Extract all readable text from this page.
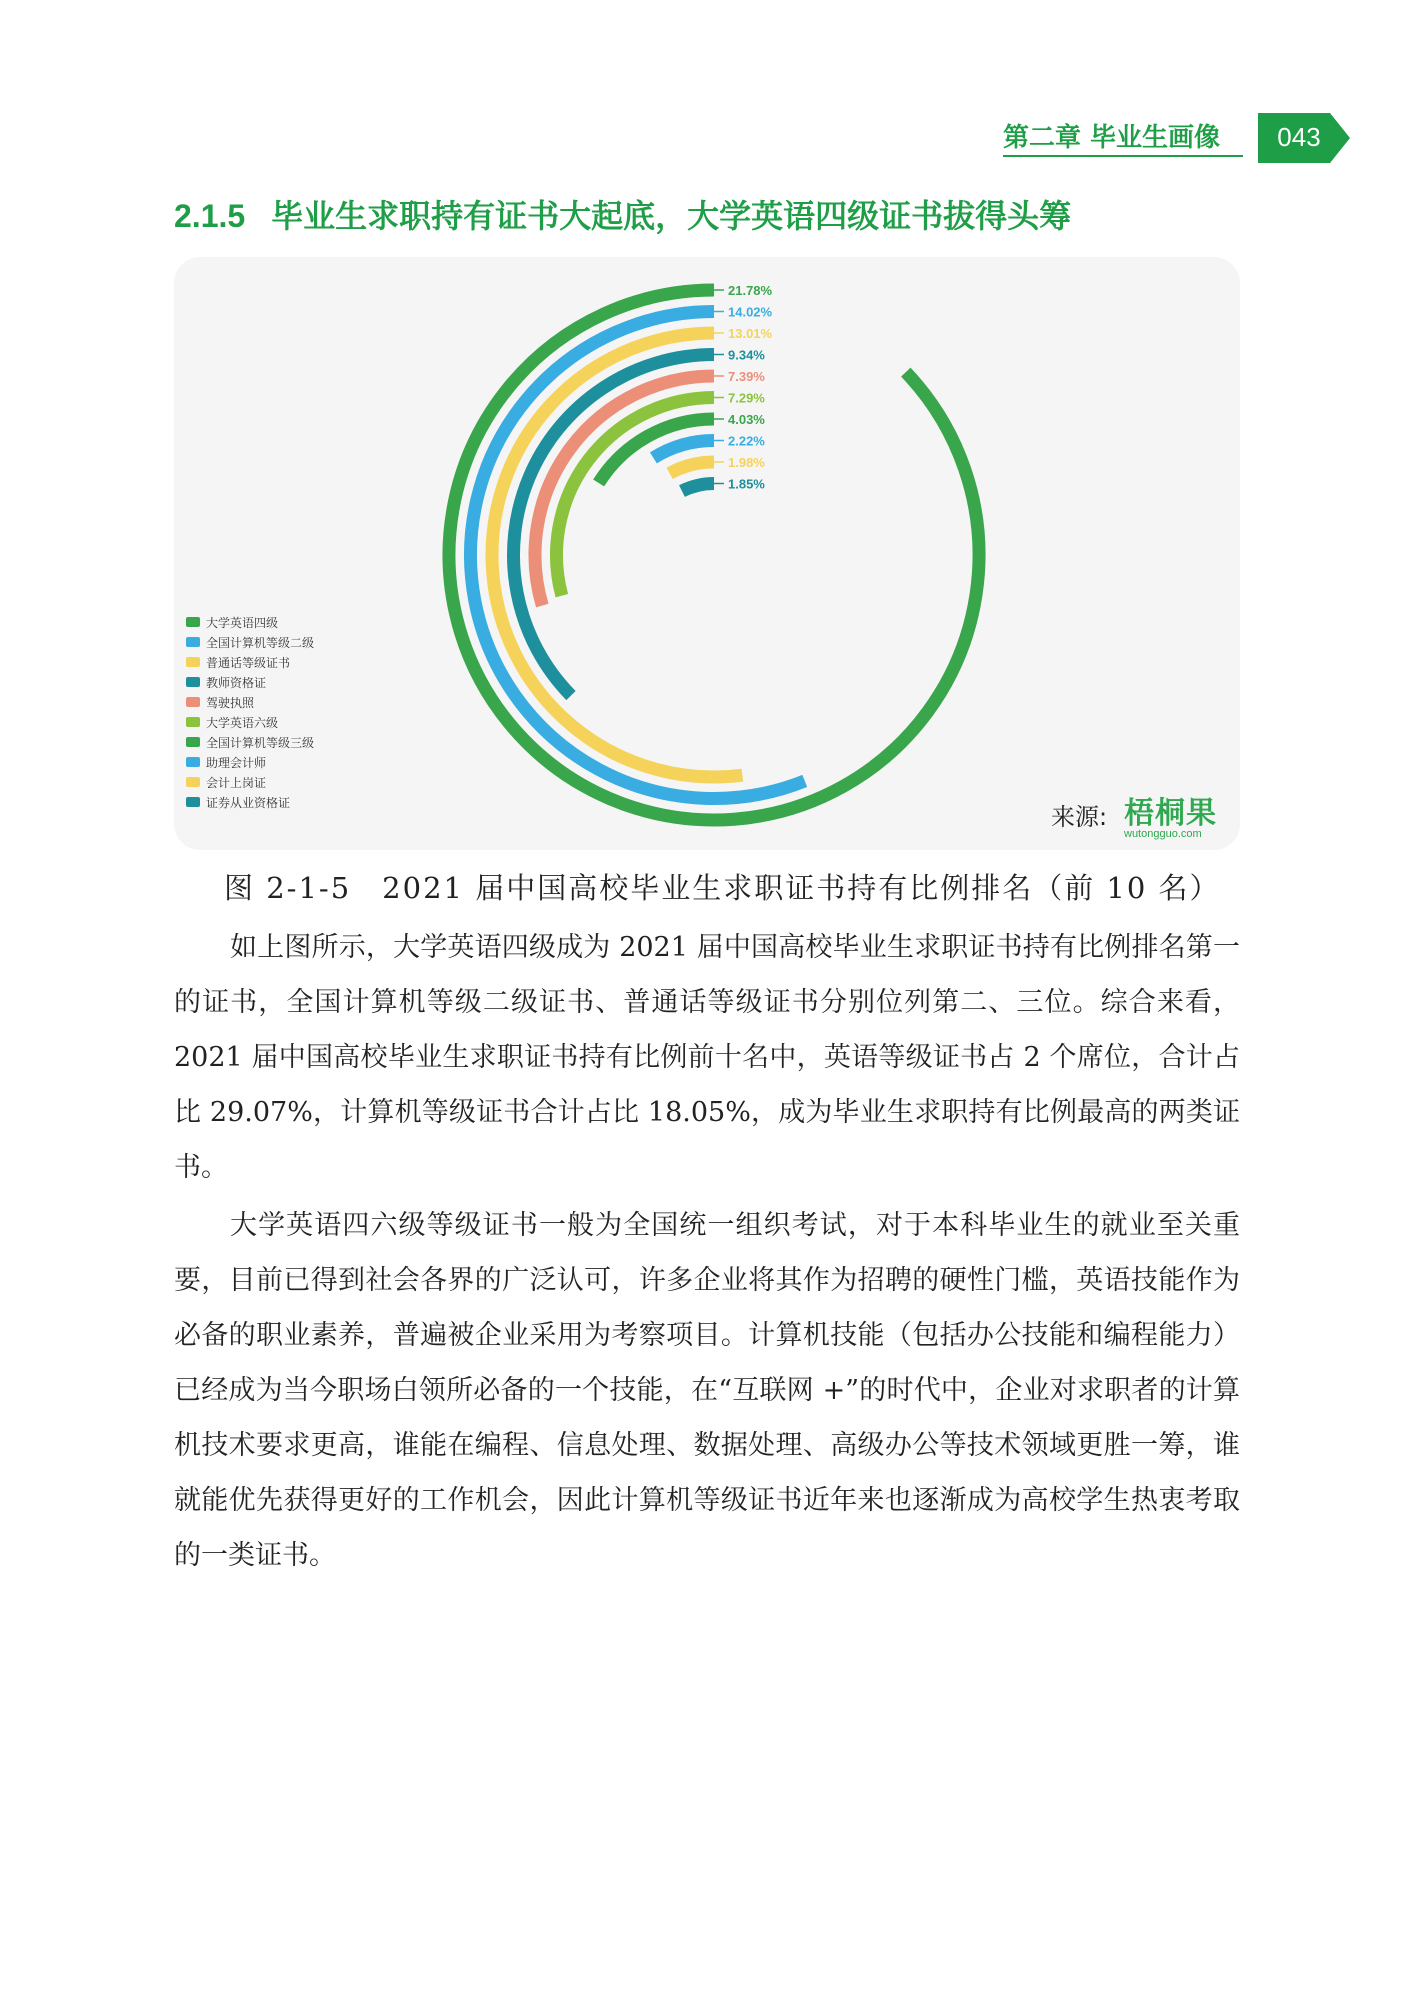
第二章 毕业生画像	043
2.1.5 毕业生求职持有证书大起底，大学英语四级证书拔得头筹
21.78%
14.02%
13.01%
9.34%
7.39%
7.29%
4.03%
2.22%
1.98%
1.85%
大学英语四级
全国计算机等级二级
普通话等级证书
教师资格证
驾驶执照
大学英语六级
全国计算机等级三级
助理会计师
会计上岗证
证券从业资格证	来源: 梧桐果
wutongguo.com
图 2-1-5　2021 届中国高校毕业生求职证书持有比例排名（前 10 名）

如上图所示，大学英语四级成为 2021 届中国高校毕业生求职证书持有比例排名第一的证书，全国计算机等级二级证书、普通话等级证书分别位列第二、三位。综合来看，2021 届中国高校毕业生求职证书持有比例前十名中，英语等级证书占 2 个席位，合计占比 29.07%，计算机等级证书合计占比 18.05%，成为毕业生求职持有比例最高的两类证书。

大学英语四六级等级证书一般为全国统一组织考试，对于本科毕业生的就业至关重要，目前已得到社会各界的广泛认可，许多企业将其作为招聘的硬性门槛，英语技能作为必备的职业素养，普遍被企业采用为考察项目。计算机技能（包括办公技能和编程能力）已经成为当今职场白领所必备的一个技能，在“互联网 +”的时代中，企业对求职者的计算机技术要求更高，谁能在编程、信息处理、数据处理、高级办公等技术领域更胜一筹，谁就能优先获得更好的工作机会，因此计算机等级证书近年来也逐渐成为高校学生热衷考取的一类证书。
